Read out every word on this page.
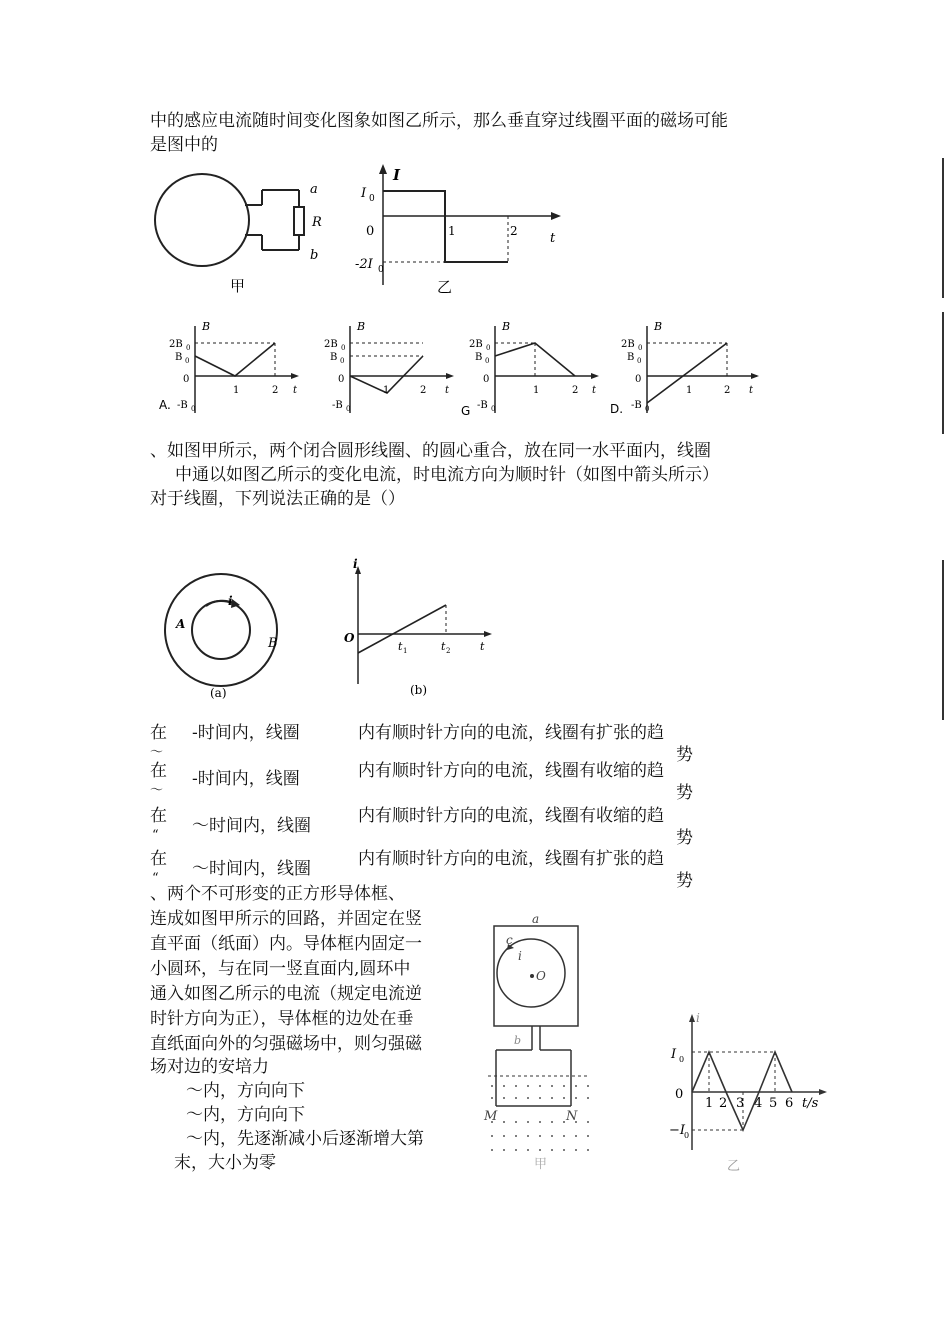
中的感应电流随时间变化图象如图乙所示，那么垂直穿过线圈平面的磁场可能
是图中的
a
R
b
甲
I
t
I 0
0
-2I 0
1	2
乙
B
2B 0
B 0
0
-B 0
1	2 t
A.
B
2B 0
B 0
0
-B 0
1	2 t
B
2B 0
B 0
0
-B 0
1	2 t
G
B
2B 0
B 0
0
-B 0
1	2 t
D.
、如图甲所示，两个闭合圆形线圈、的圆心重合，放在同一水平面内，线圈
中通以如图乙所示的变化电流，时电流方向为顺时针（如图中箭头所示）
对于线圈，下列说法正确的是（）
i
A
B
(a)
i
O
t 1	t 2	t
(b)
在
〜
-时间内，线圈	内有顺时针方向的电流，线圈有扩张的趋
势
在
〜
-时间内，线圈	内有顺时针方向的电流，线圈有收缩的趋
势
在
“ 〜时间内，线圈	内有顺时针方向的电流，线圈有收缩的趋
势
在
“ 〜时间内，线圈	内有顺时针方向的电流，线圈有扩张的趋
势
、两个不可形变的正方形导体框、
连成如图甲所示的回路，并固定在竖
直平面（纸面）内。导体框内固定一
小圆环，与在同一竖直面内,圆环中
通入如图乙所示的电流（规定电流逆
时针方向为正），导体框的边处在垂
直纸面向外的匀强磁场中，则匀强磁
场对边的安培力
〜内，方向向下
〜内，方向向下
〜内，先逐渐减小后逐渐增大第
末，大小为零
a
c
i
O
b
M	N
甲
i
I 0
−I
0
0
1 2 3 4 5 6 t/s
乙
